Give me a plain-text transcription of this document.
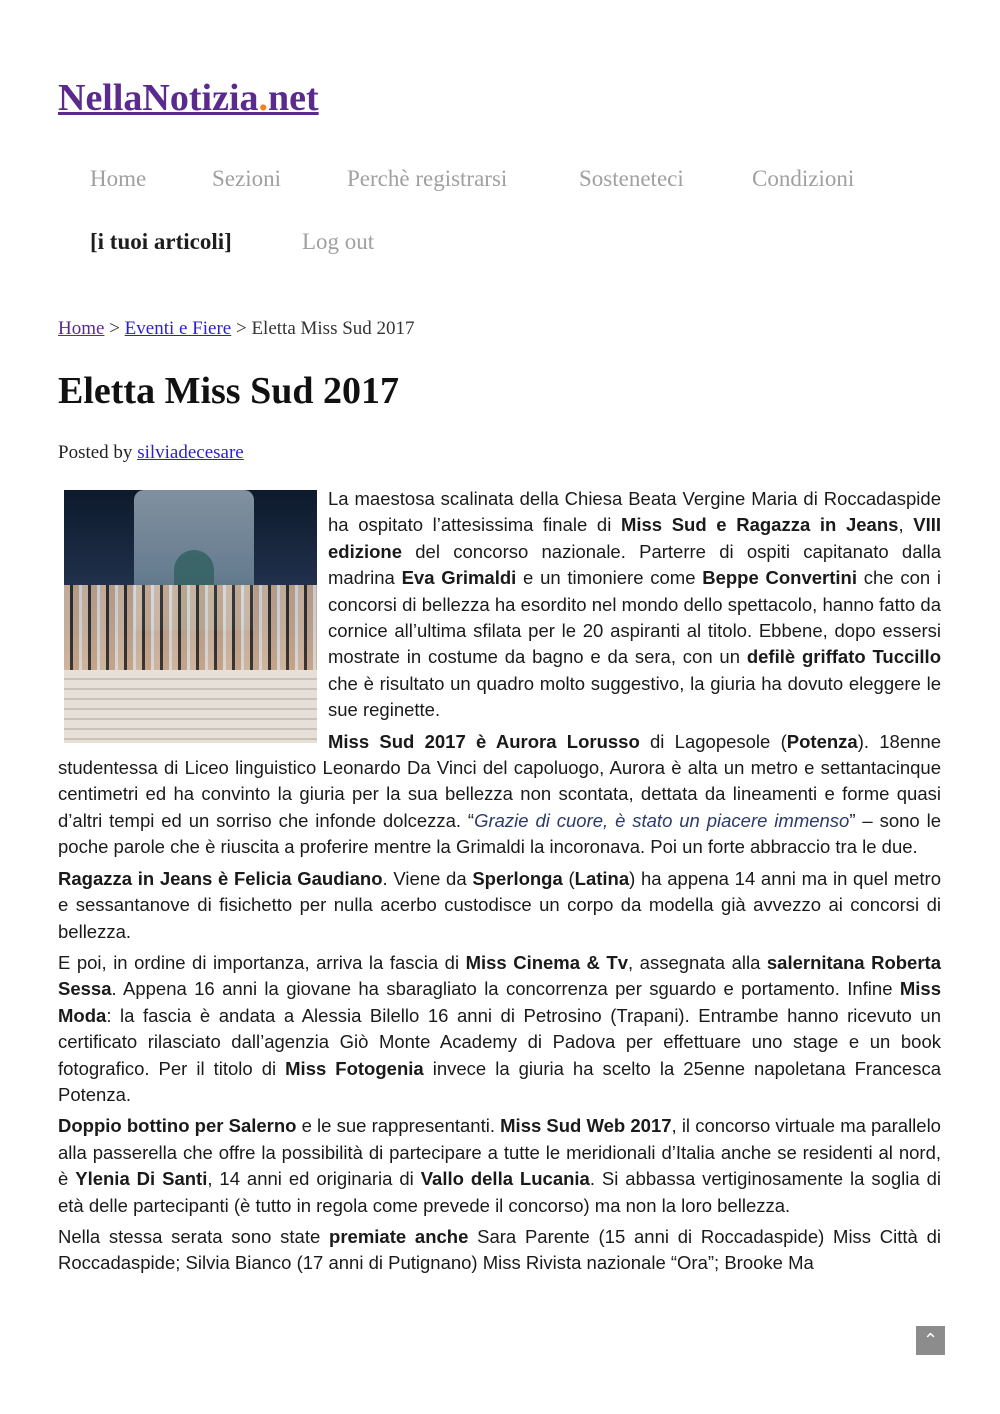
NellaNotizia.net
Home	Sezioni	Perchè registrarsi	Sosteneteci	Condizioni
[i tuoi articoli]	Log out
Home > Eventi e Fiere > Eletta Miss Sud 2017
Eletta Miss Sud 2017
Posted by silviadecesare

La maestosa scalinata della Chiesa Beata Vergine Maria di Roccadaspide ha ospitato l’attesissima finale di Miss Sud e Ragazza in Jeans, VIII edizione del concorso nazionale. Parterre di ospiti capitanato dalla madrina Eva Grimaldi e un timoniere come Beppe Convertini che con i concorsi di bellezza ha esordito nel mondo dello spettacolo, hanno fatto da cornice all’ultima sfilata per le 20 aspiranti al titolo. Ebbene, dopo essersi mostrate in costume da bagno e da sera, con un defilè griffato Tuccillo che è risultato un quadro molto suggestivo, la giuria ha dovuto eleggere le sue reginette.

Miss Sud 2017 è Aurora Lorusso di Lagopesole (Potenza). 18enne studentessa di Liceo linguistico Leonardo Da Vinci del capoluogo, Aurora è alta un metro e settantacinque centimetri ed ha convinto la giuria per la sua bellezza non scontata, dettata da lineamenti e forme quasi d’altri tempi ed un sorriso che infonde dolcezza. “Grazie di cuore, è stato un piacere immenso” – sono le poche parole che è riuscita a proferire mentre la Grimaldi la incoronava. Poi un forte abbraccio tra le due.

Ragazza in Jeans è Felicia Gaudiano. Viene da Sperlonga (Latina) ha appena 14 anni ma in quel metro e sessantanove di fisichetto per nulla acerbo custodisce un corpo da modella già avvezzo ai concorsi di bellezza.

E poi, in ordine di importanza, arriva la fascia di Miss Cinema & Tv, assegnata alla salernitana Roberta Sessa. Appena 16 anni la giovane ha sbaragliato la concorrenza per sguardo e portamento. Infine Miss Moda: la fascia è andata a Alessia Bilello 16 anni di Petrosino (Trapani). Entrambe hanno ricevuto un certificato rilasciato dall’agenzia Giò Monte Academy di Padova per effettuare uno stage e un book fotografico. Per il titolo di Miss Fotogenia invece la giuria ha scelto la 25enne napoletana Francesca Potenza.

Doppio bottino per Salerno e le sue rappresentanti. Miss Sud Web 2017, il concorso virtuale ma parallelo alla passerella che offre la possibilità di partecipare a tutte le meridionali d’Italia anche se residenti al nord, è Ylenia Di Santi, 14 anni ed originaria di Vallo della Lucania. Si abbassa vertiginosamente la soglia di età delle partecipanti (è tutto in regola come prevede il concorso) ma non la loro bellezza.

Nella stessa serata sono state premiate anche Sara Parente (15 anni di Roccadaspide) Miss Città di Roccadaspide; Silvia Bianco (17 anni di Putignano) Miss Rivista nazionale “Ora”; Brooke Ma

⌃
